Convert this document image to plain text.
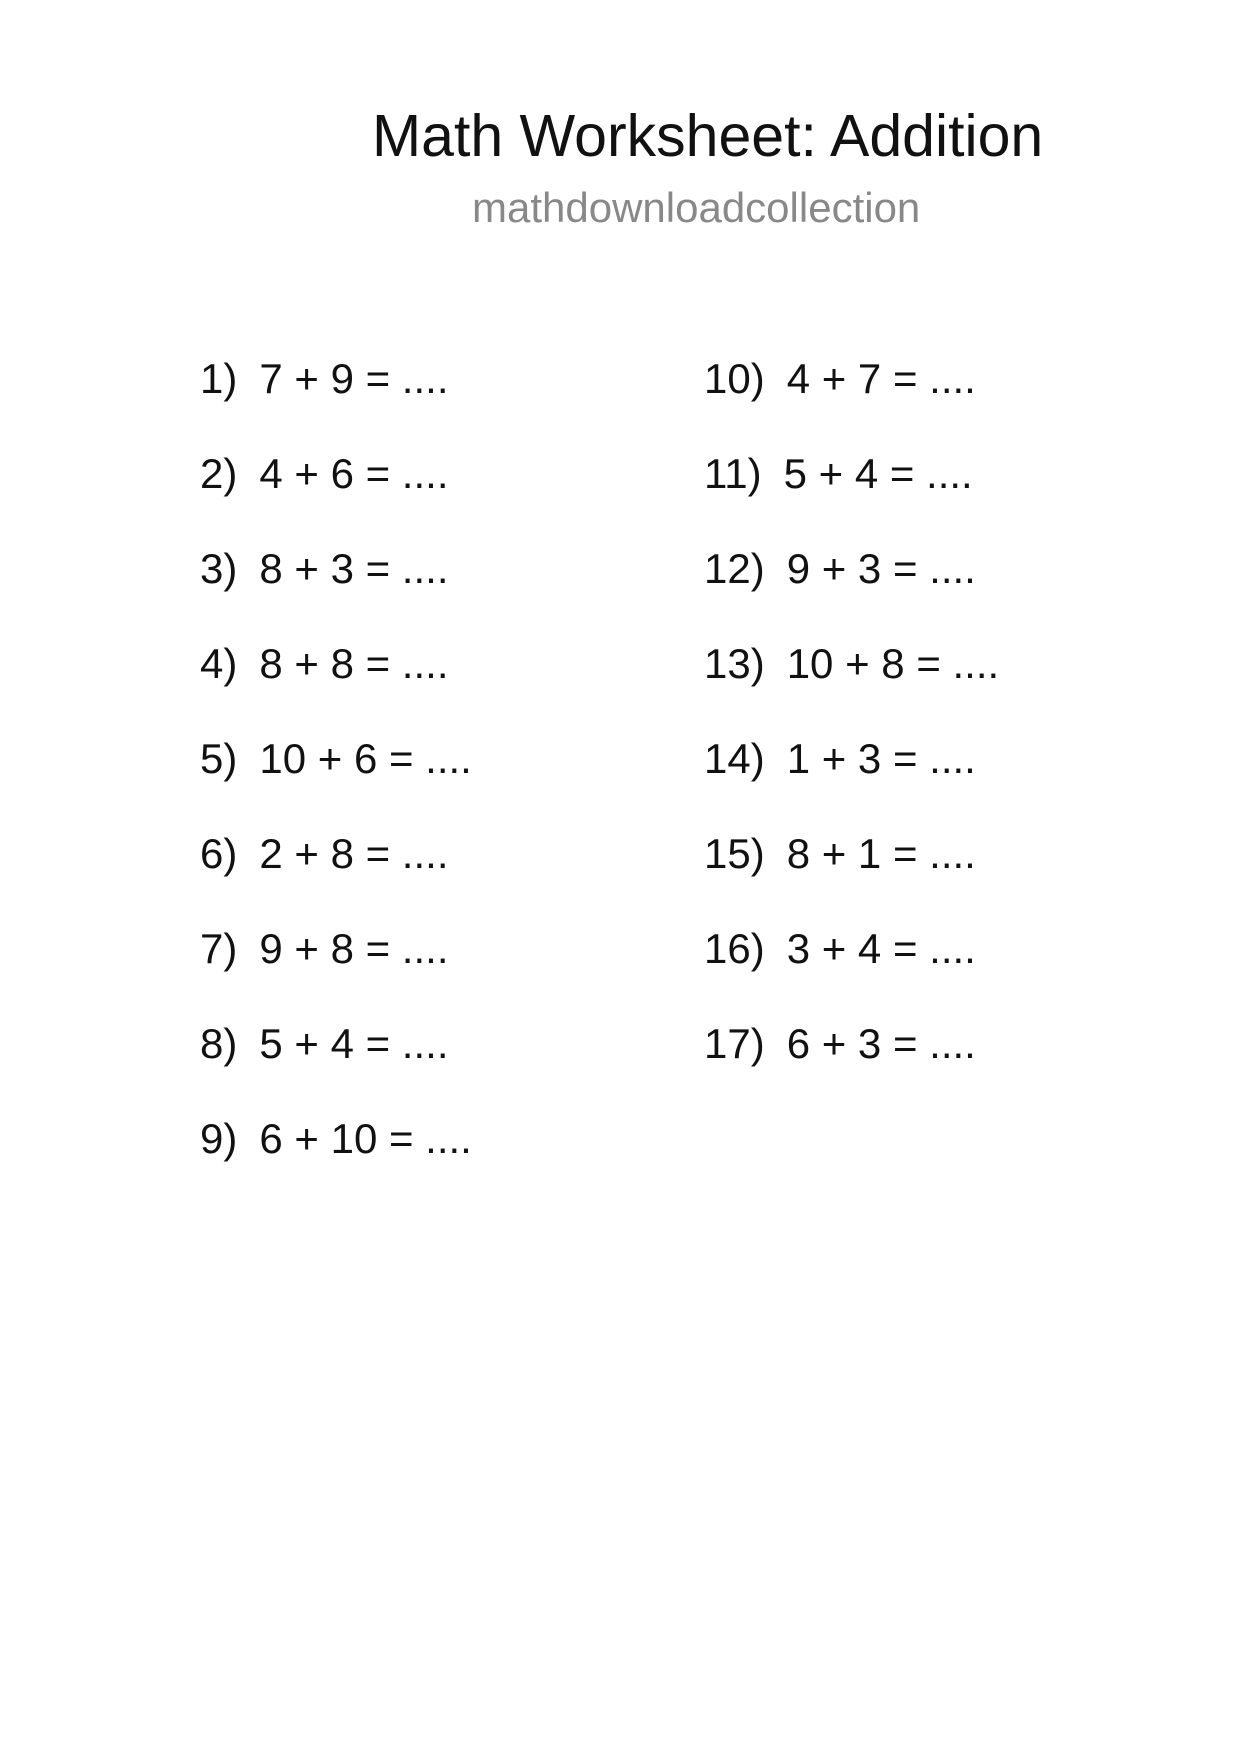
Math Worksheet: Addition
mathdownloadcollection
1) 7 + 9 = ....
2) 4 + 6 = ....
3) 8 + 3 = ....
4) 8 + 8 = ....
5) 10 + 6 = ....
6) 2 + 8 = ....
7) 9 + 8 = ....
8) 5 + 4 = ....
9) 6 + 10 = ....
10) 4 + 7 = ....
11) 5 + 4 = ....
12) 9 + 3 = ....
13) 10 + 8 = ....
14) 1 + 3 = ....
15) 8 + 1 = ....
16) 3 + 4 = ....
17) 6 + 3 = ....
